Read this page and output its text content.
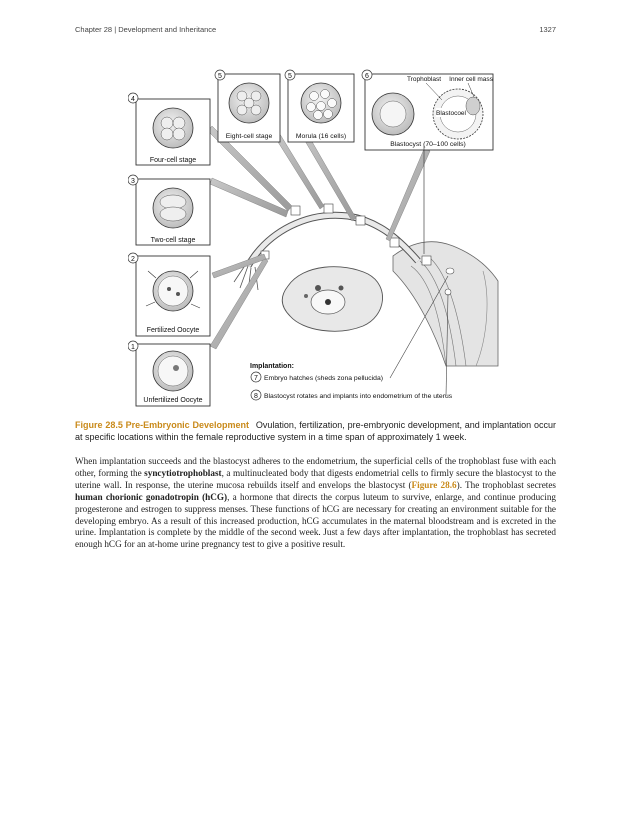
Chapter 28 | Development and Inheritance	1327
1
Unfertilized Oocyte
2
Fertilized Oocyte
3
Two-cell stage
4
Four-cell stage
5
Eight-cell stage
5
Morula (16 cells)
6	Trophoblast Inner cell mass
Blastocoel
Blastocyst (70–100 cells)
Implantation:
7 Embryo hatches (sheds zona pellucida)
8 Blastocyst rotates and implants into endometrium of the uterus
Figure 28.5 Pre-Embryonic Development Ovulation, fertilization, pre-embryonic development, and implantation occur at specific locations within the female reproductive system in a time span of approximately 1 week.
When implantation succeeds and the blastocyst adheres to the endometrium, the superficial cells of the trophoblast fuse with each other, forming the syncytiotrophoblast, a multinucleated body that digests endometrial cells to firmly secure the blastocyst to the uterine wall. In response, the uterine mucosa rebuilds itself and envelops the blastocyst (Figure 28.6). The trophoblast secretes human chorionic gonadotropin (hCG), a hormone that directs the corpus luteum to survive, enlarge, and continue producing progesterone and estrogen to suppress menses. These functions of hCG are necessary for creating an environment suitable for the developing embryo. As a result of this increased production, hCG accumulates in the maternal bloodstream and is excreted in the urine. Implantation is complete by the middle of the second week. Just a few days after implantation, the trophoblast has secreted enough hCG for an at-home urine pregnancy test to give a positive result.
